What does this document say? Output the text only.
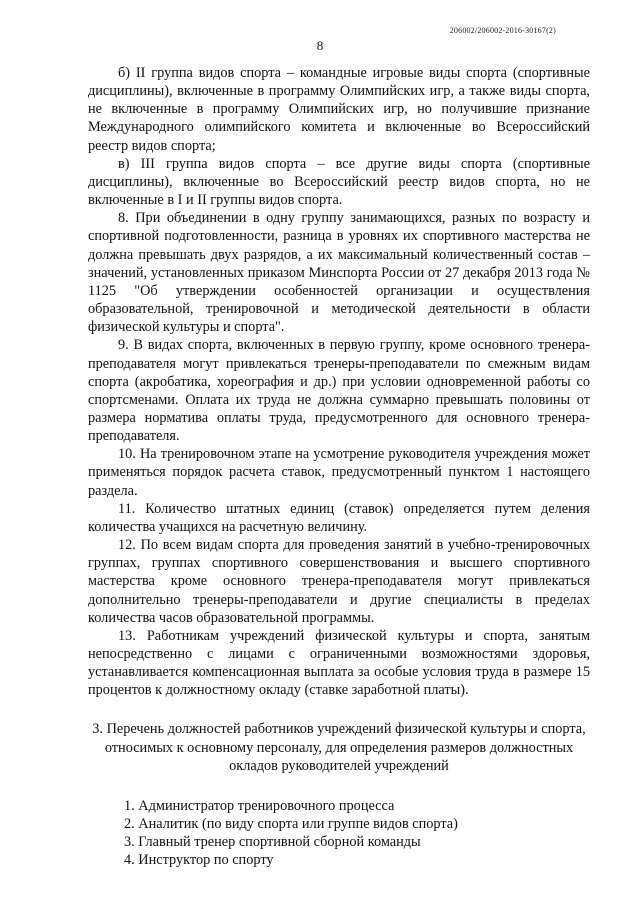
206002/206002-2016-30167(2)
8

б) II группа видов спорта – командные игровые виды спорта (спортивные дисциплины), включенные в программу Олимпийских игр, а также виды спорта, не включенные в программу Олимпийских игр, но получившие признание Международного олимпийского комитета и включенные во Всероссийский реестр видов спорта;

в) III группа видов спорта – все другие виды спорта (спортивные дисциплины), включенные во Всероссийский реестр видов спорта, но не включенные в I и II группы видов спорта.

8. При объединении в одну группу занимающихся, разных по возрасту и спортивной подготовленности, разница в уровнях их спортивного мастерства не должна превышать двух разрядов, а их максимальный количественный состав – значений, установленных приказом Минспорта России от 27 декабря 2013 года № 1125 "Об утверждении особенностей организации и осуществления образовательной, тренировочной и методической деятельности в области физической культуры и спорта".

9. В видах спорта, включенных в первую группу, кроме основного тренера-преподавателя могут привлекаться тренеры-преподаватели по смежным видам спорта (акробатика, хореография и др.) при условии одновременной работы со спортсменами. Оплата их труда не должна суммарно превышать половины от размера норматива оплаты труда, предусмотренного для основного тренера-преподавателя.

10. На тренировочном этапе на усмотрение руководителя учреждения может применяться порядок расчета ставок, предусмотренный пунктом 1 настоящего раздела.

11. Количество штатных единиц (ставок) определяется путем деления количества учащихся на расчетную величину.

12. По всем видам спорта для проведения занятий в учебно-тренировочных группах, группах спортивного совершенствования и высшего спортивного мастерства кроме основного тренера-преподавателя могут привлекаться дополнительно тренеры-преподаватели и другие специалисты в пределах количества часов образовательной программы.

13. Работникам учреждений физической культуры и спорта, занятым непосредственно с лицами с ограниченными возможностями здоровья, устанавливается компенсационная выплата за особые условия труда в размере 15 процентов к должностному окладу (ставке заработной платы).

3. Перечень должностей работников учреждений физической культуры и спорта, относимых к основному персоналу, для определения размеров должностных окладов руководителей учреждений

1. Администратор тренировочного процесса
2. Аналитик (по виду спорта или группе видов спорта)
3. Главный тренер спортивной сборной команды
4. Инструктор по спорту
